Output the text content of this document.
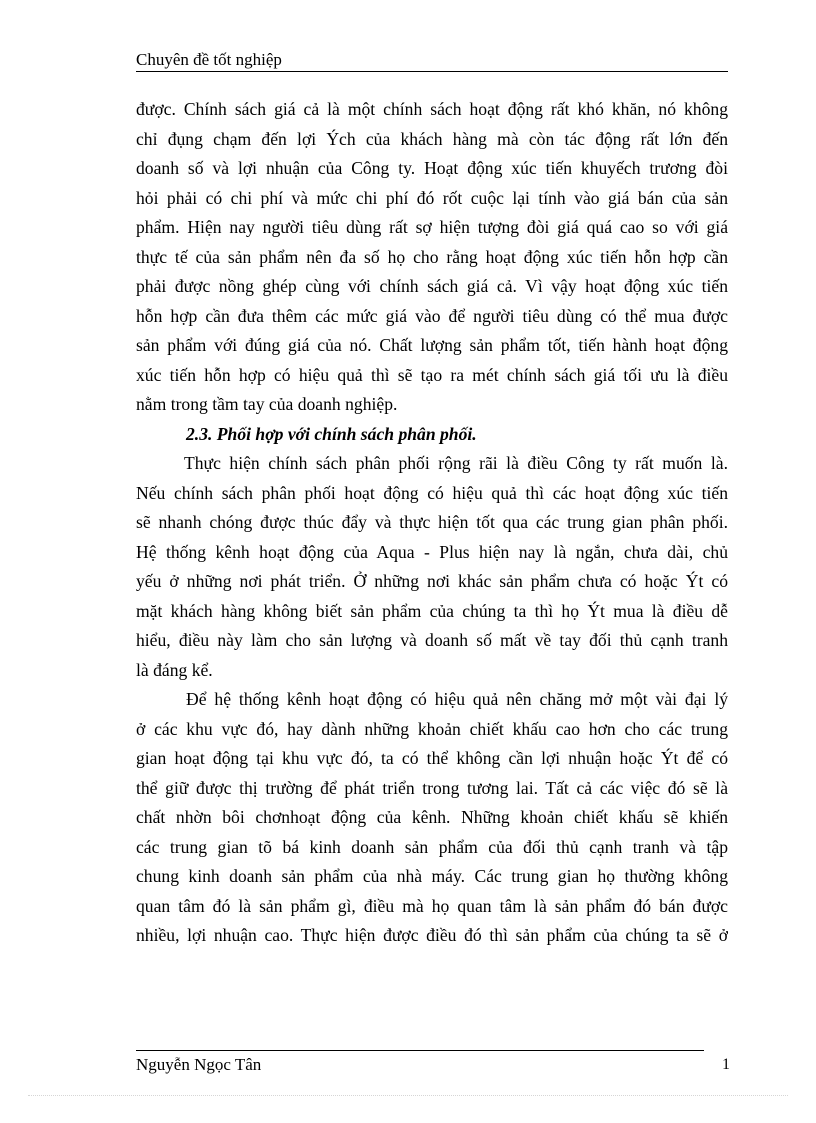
Chuyên đề tốt nghiệp
được. Chính sách giá cả là một chính sách hoạt động rất khó khăn, nó không
chỉ đụng chạm đến lợi Ých của khách hàng mà còn tác động rất lớn đến
doanh số và lợi nhuận của Công ty. Hoạt động xúc tiến khuyếch trương đòi
hỏi phải có chi phí và mức chi phí đó rốt cuộc lại tính vào giá bán của sản
phẩm. Hiện nay người tiêu dùng rất sợ hiện tượng đòi giá quá cao so với giá
thực tế của sản phẩm nên đa số họ cho rằng hoạt động xúc tiến hỗn hợp cần
phải được nồng ghép cùng với chính sách giá cả. Vì vậy hoạt động xúc tiến
hỗn hợp cần đưa thêm các mức giá vào để người tiêu dùng có thể mua được
sản phẩm với đúng giá của nó. Chất lượng sản phẩm tốt, tiến hành hoạt động
xúc tiến hỗn hợp có hiệu quả thì sẽ tạo ra mét chính sách giá tối ưu là điều
nằm trong tầm tay của doanh nghiệp.
2.3. Phối hợp với chính sách phân phối.
Thực hiện chính sách phân phối rộng rãi là điều Công ty rất muốn là.
Nếu chính sách phân phối hoạt động có hiệu quả thì các hoạt động xúc tiến
sẽ nhanh chóng được thúc đẩy và thực hiện tốt qua các trung gian phân phối.
Hệ thống kênh hoạt động của Aqua - Plus hiện nay là ngắn, chưa dài, chủ
yếu ở những nơi phát triển. Ở những nơi khác sản phẩm chưa có hoặc Ýt có
mặt khách hàng không biết sản phẩm của chúng ta thì họ Ýt mua là điều dễ
hiểu, điều này làm cho sản lượng và doanh số mất về tay đối thủ cạnh tranh
là đáng kể.
Để hệ thống kênh hoạt động có hiệu quả nên chăng mở một vài đại lý
ở các khu vực đó, hay dành những khoản chiết khấu cao hơn cho các trung
gian hoạt động tại khu vực đó, ta có thể không cần lợi nhuận hoặc Ýt để có
thể giữ được thị trường để phát triển trong tương lai. Tất cả các việc đó sẽ là
chất nhờn bôi chơnhoạt động của kênh. Những khoản chiết khấu sẽ khiến
các trung gian tõ bá kinh doanh sản phẩm của đối thủ cạnh tranh và tập
chung kinh doanh sản phẩm của nhà máy. Các trung gian họ thường không
quan tâm đó là sản phẩm gì, điều mà họ quan tâm là sản phẩm đó bán được
nhiều, lợi nhuận cao. Thực hiện được điều đó thì sản phẩm của chúng ta sẽ ở
Nguyễn Ngọc Tân	1
